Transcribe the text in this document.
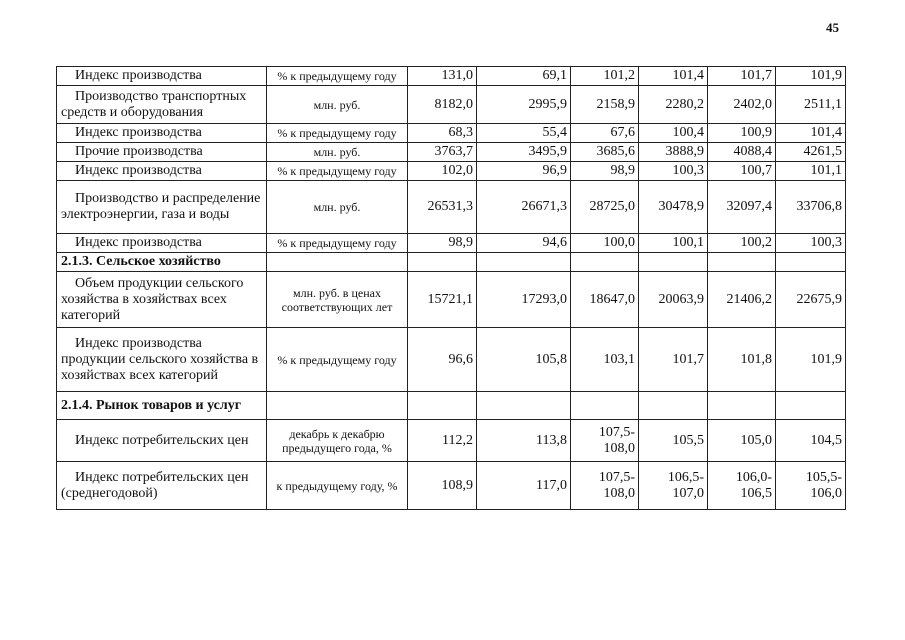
45
Индекс производства	% к предыдущему году	131,0	69,1	101,2	101,4	101,7	101,9
Производство транспортных средств и оборудования	млн. руб.	8182,0	2995,9	2158,9	2280,2	2402,0	2511,1
Индекс производства	% к предыдущему году	68,3	55,4	67,6	100,4	100,9	101,4
Прочие производства	млн. руб.	3763,7	3495,9	3685,6	3888,9	4088,4	4261,5
Индекс производства	% к предыдущему году	102,0	96,9	98,9	100,3	100,7	101,1
Производство и распределение электроэнергии, газа и воды	млн. руб.	26531,3	26671,3	28725,0	30478,9	32097,4	33706,8
Индекс производства	% к предыдущему году	98,9	94,6	100,0	100,1	100,2	100,3
2.1.3. Сельское хозяйство							
Объем продукции сельского хозяйства в хозяйствах всех категорий	млн. руб. в ценах соответствующих лет	15721,1	17293,0	18647,0	20063,9	21406,2	22675,9
Индекс производства продукции сельского хозяйства в хозяйствах всех категорий	% к предыдущему году	96,6	105,8	103,1	101,7	101,8	101,9
2.1.4. Рынок товаров и услуг							
Индекс потребительских цен	декабрь к декабрю предыдущего года, %	112,2	113,8	107,5-108,0	105,5	105,0	104,5
Индекс потребительских цен (среднегодовой)	к предыдущему году, %	108,9	117,0	107,5-108,0	106,5-107,0	106,0-106,5	105,5-106,0
